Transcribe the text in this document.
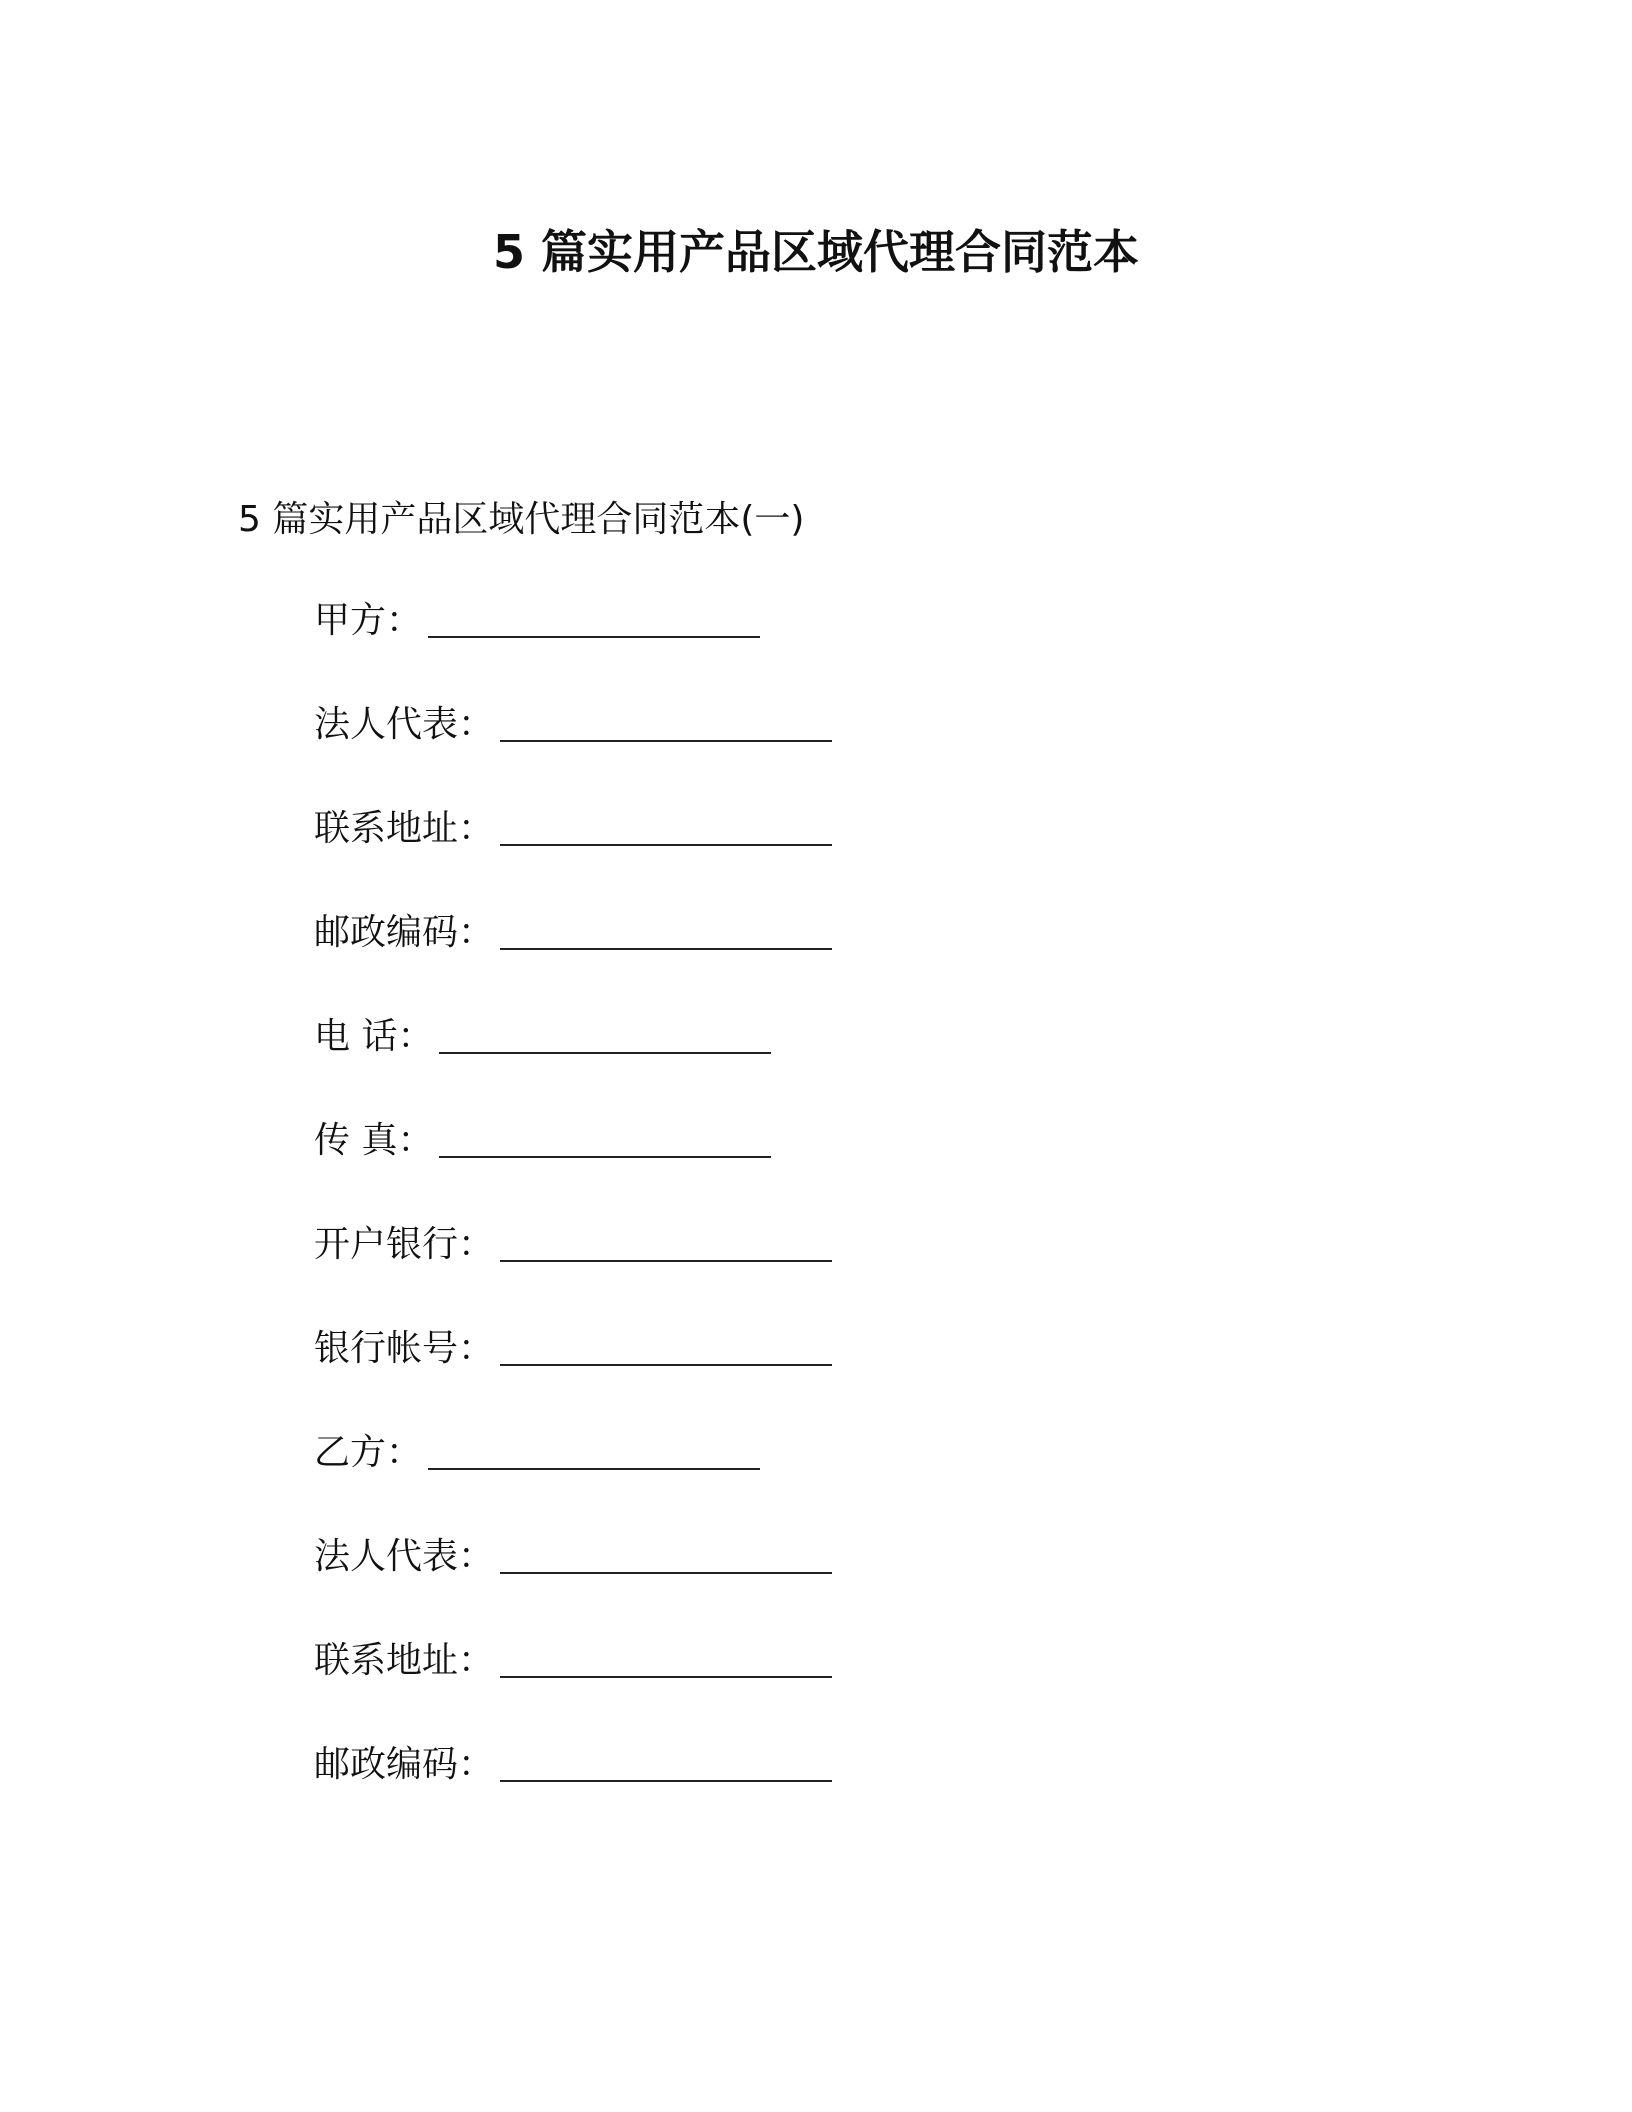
5 篇实用产品区域代理合同范本
5 篇实用产品区域代理合同范本(一)
甲方：
法人代表：
联系地址：
邮政编码：
电 话：
传 真：
开户银行：
银行帐号：
乙方：
法人代表：
联系地址：
邮政编码：
